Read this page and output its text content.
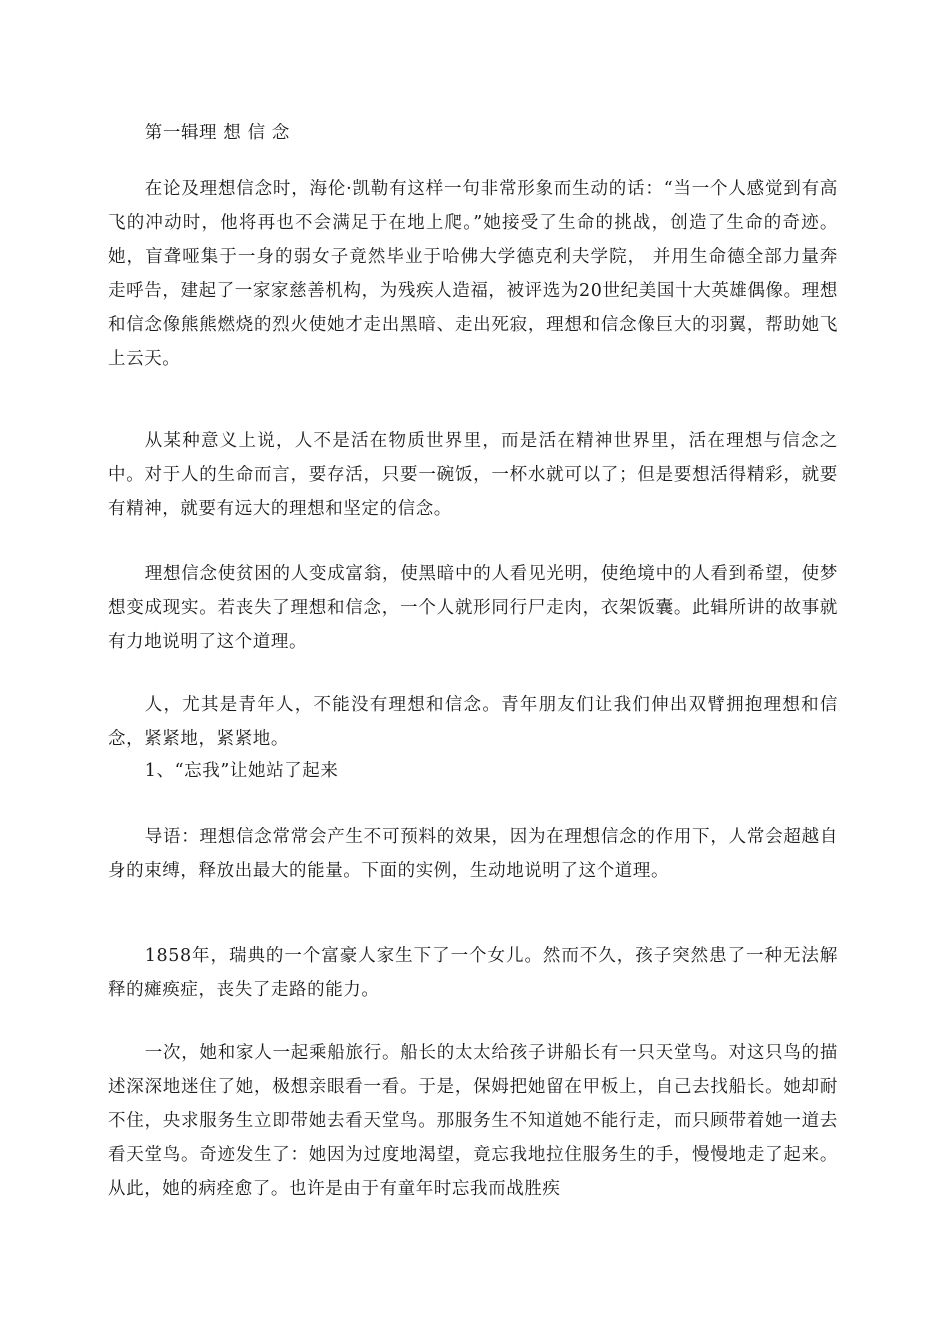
第一辑理 想 信 念

在论及理想信念时，海伦·凯勒有这样一句非常形象而生动的话：“当一个人感觉到有高飞的冲动时，他将再也不会满足于在地上爬。”她接受了生命的挑战，创造了生命的奇迹。她，盲聋哑集于一身的弱女子竟然毕业于哈佛大学德克利夫学院， 并用生命德全部力量奔走呼告，建起了一家家慈善机构，为残疾人造福，被评选为20世纪美国十大英雄偶像。理想和信念像熊熊燃烧的烈火使她才走出黑暗、走出死寂，理想和信念像巨大的羽翼，帮助她飞上云天。

从某种意义上说，人不是活在物质世界里，而是活在精神世界里，活在理想与信念之中。对于人的生命而言，要存活，只要一碗饭，一杯水就可以了；但是要想活得精彩，就要有精神，就要有远大的理想和坚定的信念。

理想信念使贫困的人变成富翁，使黑暗中的人看见光明，使绝境中的人看到希望，使梦想变成现实。若丧失了理想和信念，一个人就形同行尸走肉，衣架饭囊。此辑所讲的故事就有力地说明了这个道理。

人，尤其是青年人，不能没有理想和信念。青年朋友们让我们伸出双臂拥抱理想和信念，紧紧地，紧紧地。

1、“忘我”让她站了起来

导语：理想信念常常会产生不可预料的效果，因为在理想信念的作用下，人常会超越自身的束缚，释放出最大的能量。下面的实例，生动地说明了这个道理。

1858年，瑞典的一个富豪人家生下了一个女儿。然而不久，孩子突然患了一种无法解释的瘫痪症，丧失了走路的能力。

一次，她和家人一起乘船旅行。船长的太太给孩子讲船长有一只天堂鸟。对这只鸟的描述深深地迷住了她，极想亲眼看一看。于是，保姆把她留在甲板上，自己去找船长。她却耐不住，央求服务生立即带她去看天堂鸟。那服务生不知道她不能行走，而只顾带着她一道去看天堂鸟。奇迹发生了：她因为过度地渴望，竟忘我地拉住服务生的手，慢慢地走了起来。从此，她的病痊愈了。也许是由于有童年时忘我而战胜疾
